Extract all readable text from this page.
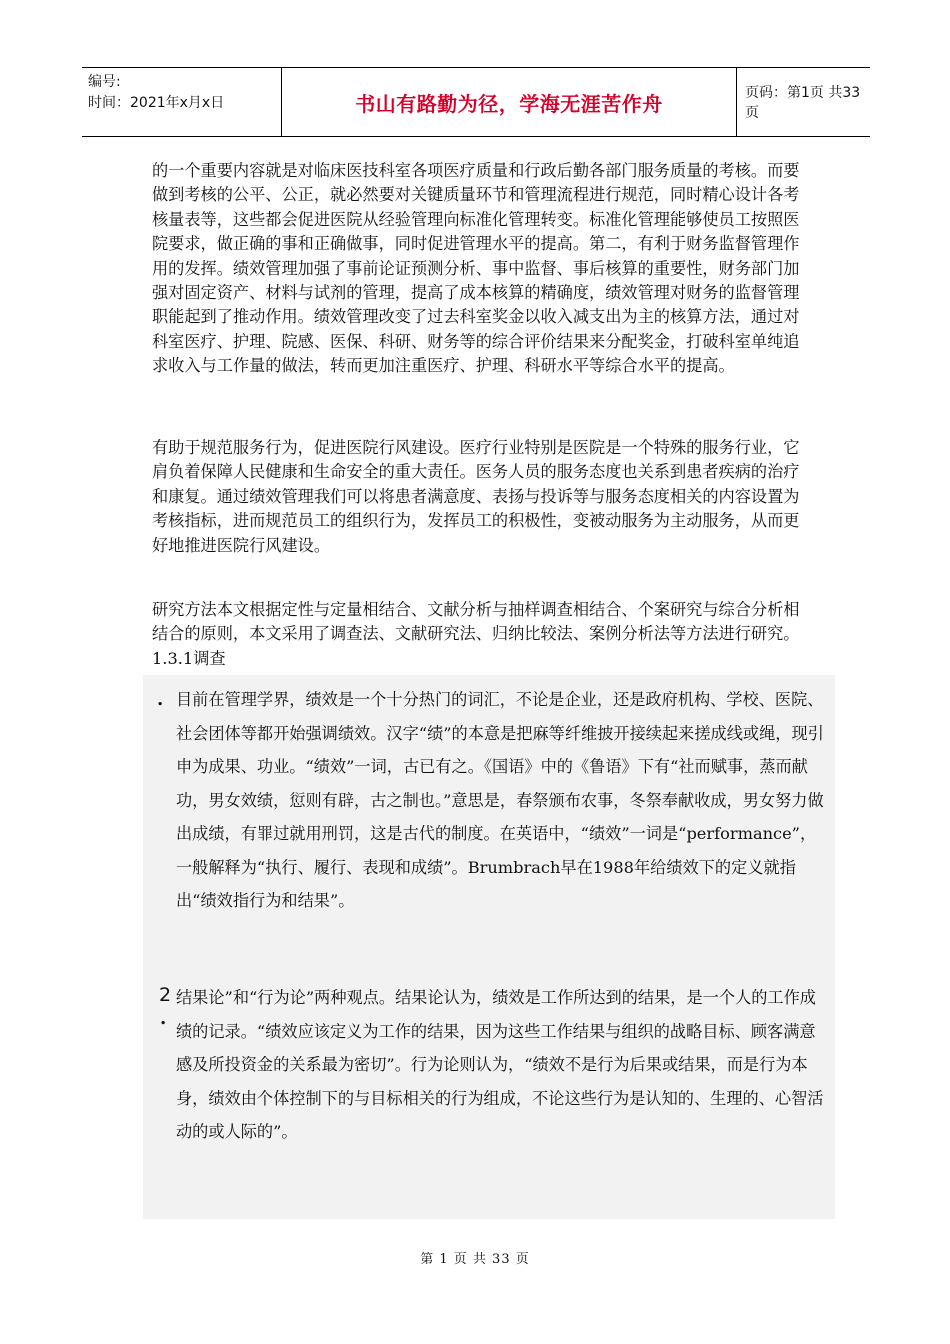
编号:
时间：2021年x月x日	书山有路勤为径，学海无涯苦作舟	页码：第1页 共33页

的一个重要内容就是对临床医技科室各项医疗质量和行政后勤各部门服务质量的考核。而要做到考核的公平、公正，就必然要对关键质量环节和管理流程进行规范，同时精心设计各考核量表等，这些都会促进医院从经验管理向标准化管理转变。标准化管理能够使员工按照医院要求，做正确的事和正确做事，同时促进管理水平的提高。第二，有利于财务监督管理作用的发挥。绩效管理加强了事前论证预测分析、事中监督、事后核算的重要性，财务部门加强对固定资产、材料与试剂的管理，提高了成本核算的精确度，绩效管理对财务的监督管理职能起到了推动作用。绩效管理改变了过去科室奖金以收入减支出为主的核算方法，通过对科室医疗、护理、院感、医保、科研、财务等的综合评价结果来分配奖金，打破科室单纯追求收入与工作量的做法，转而更加注重医疗、护理、科研水平等综合水平的提高。

有助于规范服务行为，促进医院行风建设。医疗行业特别是医院是一个特殊的服务行业，它肩负着保障人民健康和生命安全的重大责任。医务人员的服务态度也关系到患者疾病的治疗和康复。通过绩效管理我们可以将患者满意度、表扬与投诉等与服务态度相关的内容设置为考核指标，进而规范员工的组织行为，发挥员工的积极性，变被动服务为主动服务，从而更好地推进医院行风建设。

研究方法本文根据定性与定量相结合、文献分析与抽样调查相结合、个案研究与综合分析相结合的原则，本文采用了调查法、文献研究法、归纳比较法、案例分析法等方法进行研究。 1.3.1调查

. 目前在管理学界，绩效是一个十分热门的词汇，不论是企业，还是政府机构、学校、医院、社会团体等都开始强调绩效。汉字“绩”的本意是把麻等纤维披开接续起来搓成线或绳，现引申为成果、功业。“绩效”一词，古已有之。《国语》中的《鲁语》下有“社而赋事，蒸而献功，男女效绩，愆则有辟，古之制也。”意思是，春祭颁布农事，冬祭奉献收成，男女努力做出成绩，有罪过就用刑罚，这是古代的制度。在英语中，“绩效”一词是“performance”，一般解释为“执行、履行、表现和成绩”。Brumbrach早在1988年给绩效下的定义就指出“绩效指行为和结果”。

2
.

结果论”和“行为论”两种观点。结果论认为，绩效是工作所达到的结果，是一个人的工作成绩的记录。“绩效应该定义为工作的结果，因为这些工作结果与组织的战略目标、顾客满意感及所投资金的关系最为密切”。行为论则认为，“绩效不是行为后果或结果，而是行为本身，绩效由个体控制下的与目标相关的行为组成，不论这些行为是认知的、生理的、心智活动的或人际的”。

第 1 页 共 33 页
